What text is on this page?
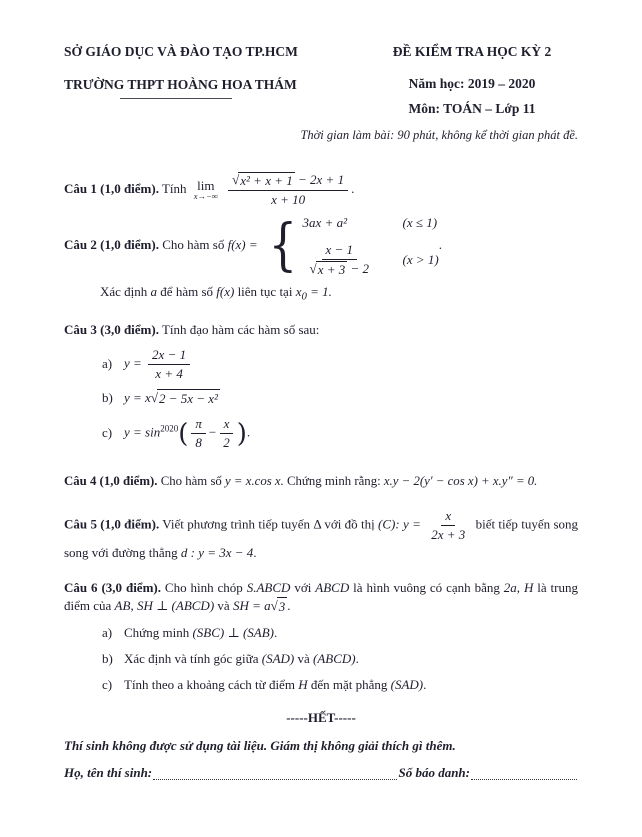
SỞ GIÁO DỤC VÀ ĐÀO TẠO TP.HCM
TRƯỜNG THPT HOÀNG HOA THÁM
ĐỀ KIỂM TRA HỌC KỲ 2
Năm học: 2019 – 2020
Môn: TOÁN – Lớp 11
Thời gian làm bài: 90 phút, không kể thời gian phát đề.
Câu 1 (1,0 điểm). Tính lim
x→−∞
$\frac{\text{√ x² + x + 1 − 2x + 1}}{x + 10}$ .
Câu 2 (1,0 điểm). Cho hàm số f(x) = { 3ax + a²	(x ≤ 1)
$\frac{x - 1}{√ x + 3 - 2} (x > 1)$
.
Xác định a để hàm số f(x) liên tục tại $x_0 = 1$.
Câu 3 (3,0 điểm). Tính đạo hàm các hàm số sau:
a) $y = \frac{2x - 1}{x + 4}$
b) y = x √ 2 − 5x − x²
c) $y = \sin^{2020}( \frac{\pi}{8} - \frac{x}{2}$ ).
Câu 4 (1,0 điểm). Cho hàm số y = x.cos x. Chứng minh rằng: x.y − 2(y′ − cos x) + x.y″ = 0.
Câu 5 (1,0 điểm). Viết phương trình tiếp tuyến Δ với đồ thị (C): $y = \frac{x}{2x + 3}$ biết tiếp tuyến song song với đường thẳng d : y = 3x − 4.
Câu 6 (3,0 điểm). Cho hình chóp S.ABCD với ABCD là hình vuông có cạnh bằng 2a, H là trung điểm của AB, SH ⊥ (ABCD) và SH = a √ 3 .
a) Chứng minh (SBC) ⊥ (SAB).
b) Xác định và tính góc giữa (SAD) và (ABCD).
c) Tính theo a khoảng cách từ điểm H đến mặt phẳng (SAD).
-----HẾT-----
Thí sinh không được sử dụng tài liệu. Giám thị không giải thích gì thêm.
Họ, tên thí sinh:	Số báo danh:
